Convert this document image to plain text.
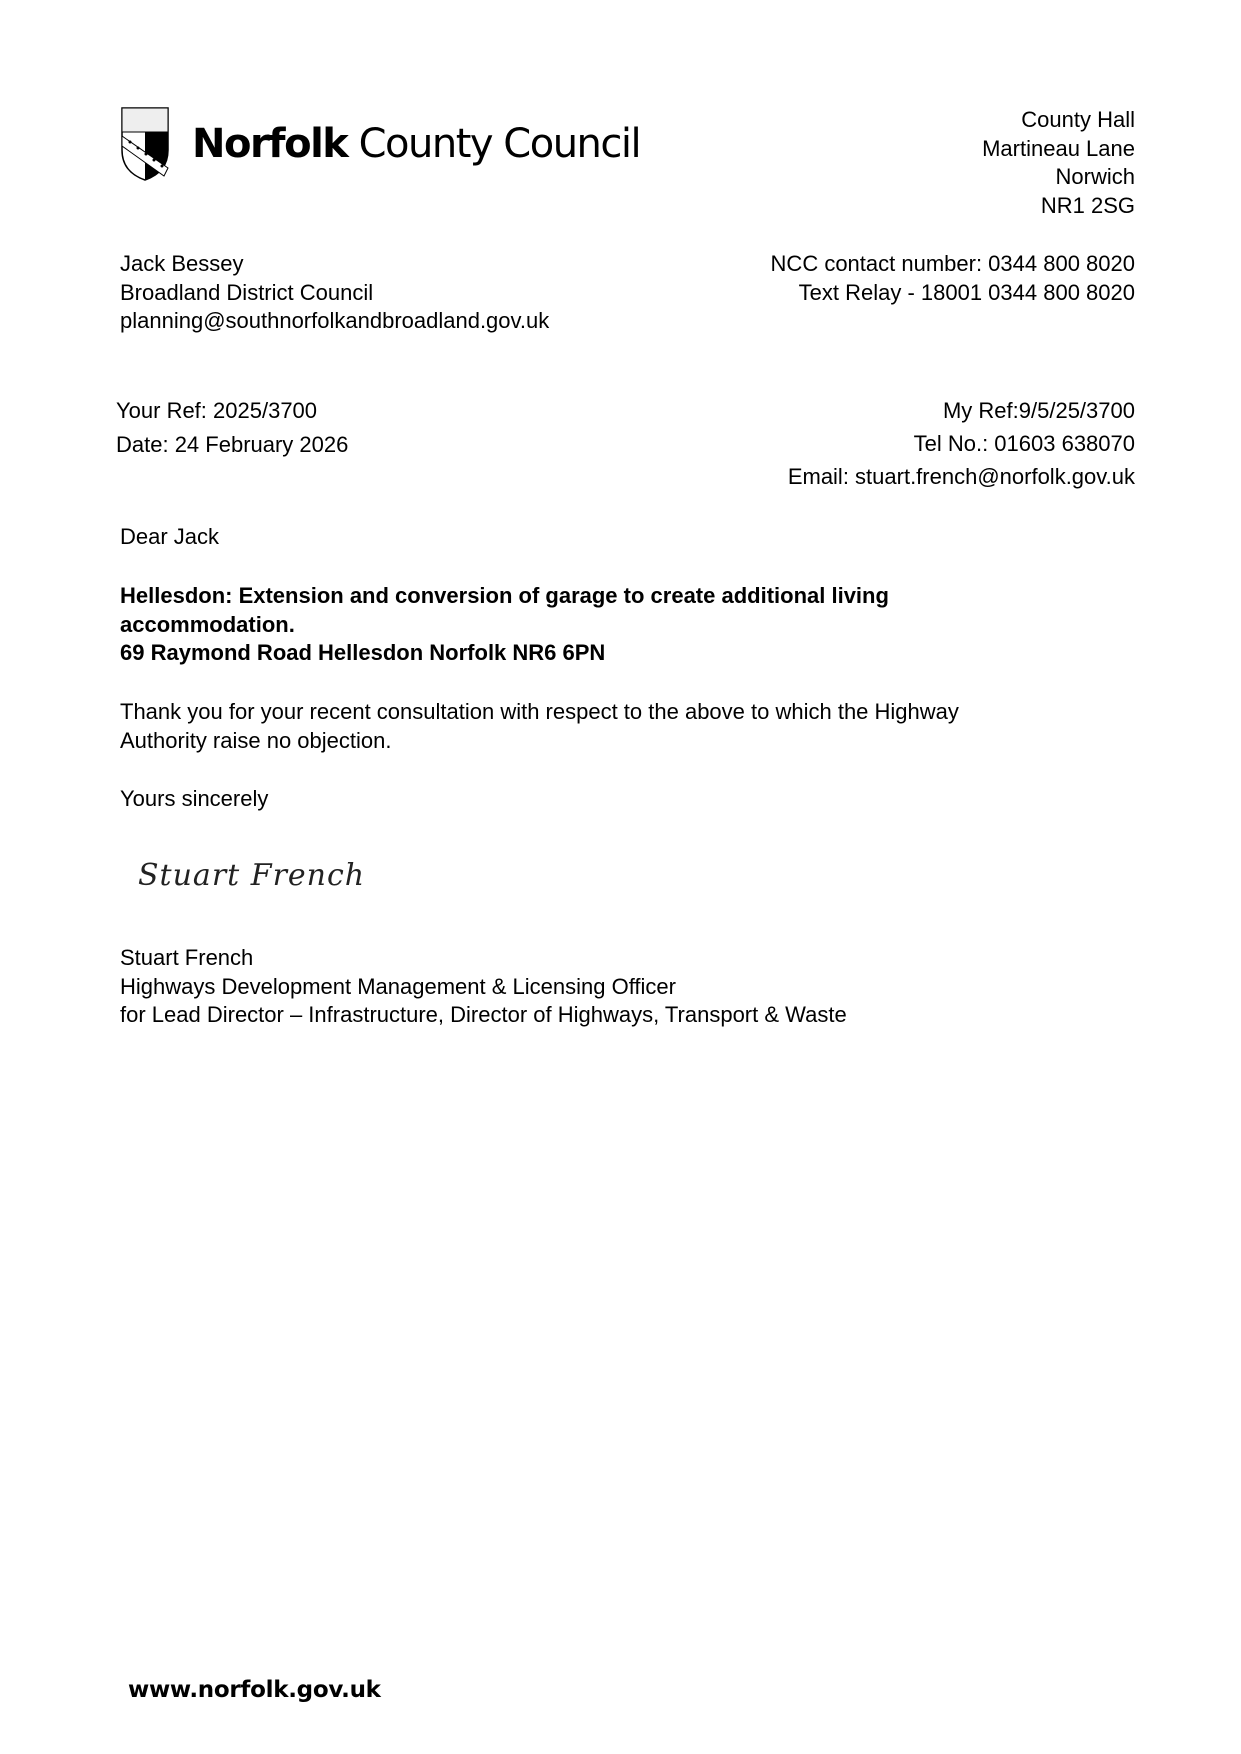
Norfolk County Council
County Hall
Martineau Lane
Norwich
NR1 2SG
Jack Bessey
Broadland District Council
planning@southnorfolkandbroadland.gov.uk
NCC contact number: 0344 800 8020
Text Relay - 18001 0344 800 8020
Your Ref: 2025/3700
Date: 24 February 2026
My Ref:9/5/25/3700
Tel No.: 01603 638070
Email: stuart.french@norfolk.gov.uk
Dear Jack
Hellesdon: Extension and conversion of garage to create additional living
accommodation.
69 Raymond Road Hellesdon Norfolk NR6 6PN
Thank you for your recent consultation with respect to the above to which the Highway
Authority raise no objection.
Yours sincerely
Stuart French
Stuart French
Highways Development Management & Licensing Officer
for Lead Director – Infrastructure, Director of Highways, Transport & Waste
www.norfolk.gov.uk
